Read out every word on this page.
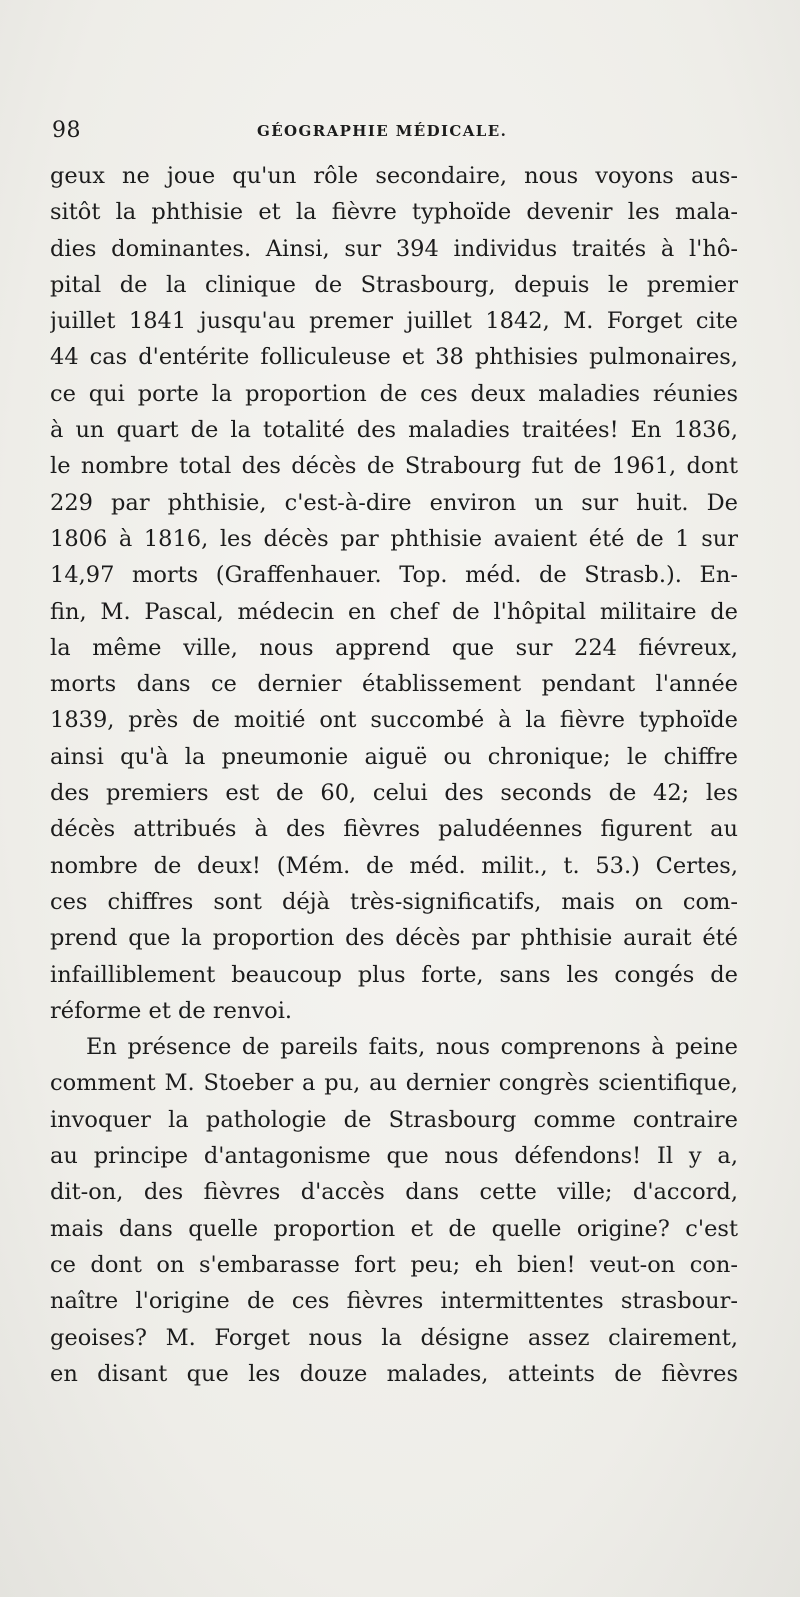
98	GÉOGRAPHIE MÉDICALE.
geux ne joue qu'un rôle secondaire, nous voyons aus-
sitôt la phthisie et la fièvre typhoïde devenir les mala-
dies dominantes. Ainsi, sur 394 individus traités à l'hô-
pital de la clinique de Strasbourg, depuis le premier
juillet 1841 jusqu'au premer juillet 1842, M. Forget cite
44 cas d'entérite folliculeuse et 38 phthisies pulmonaires,
ce qui porte la proportion de ces deux maladies réunies
à un quart de la totalité des maladies traitées! En 1836,
le nombre total des décès de Strabourg fut de 1961, dont
229 par phthisie, c'est-à-dire environ un sur huit. De
1806 à 1816, les décès par phthisie avaient été de 1 sur
14,97 morts (Graffenhauer. Top. méd. de Strasb.). En-
fin, M. Pascal, médecin en chef de l'hôpital militaire de
la même ville, nous apprend que sur 224 fiévreux,
morts dans ce dernier établissement pendant l'année
1839, près de moitié ont succombé à la fièvre typhoïde
ainsi qu'à la pneumonie aiguë ou chronique; le chiffre
des premiers est de 60, celui des seconds de 42; les
décès attribués à des fièvres paludéennes figurent au
nombre de deux! (Mém. de méd. milit., t. 53.) Certes,
ces chiffres sont déjà très-significatifs, mais on com-
prend que la proportion des décès par phthisie aurait été
infailliblement beaucoup plus forte, sans les congés de
réforme et de renvoi.
En présence de pareils faits, nous comprenons à peine
comment M. Stoeber a pu, au dernier congrès scientifique,
invoquer la pathologie de Strasbourg comme contraire
au principe d'antagonisme que nous défendons! Il y a,
dit-on, des fièvres d'accès dans cette ville; d'accord,
mais dans quelle proportion et de quelle origine? c'est
ce dont on s'embarasse fort peu; eh bien! veut-on con-
naître l'origine de ces fièvres intermittentes strasbour-
geoises? M. Forget nous la désigne assez clairement,
en disant que les douze malades, atteints de fièvres
